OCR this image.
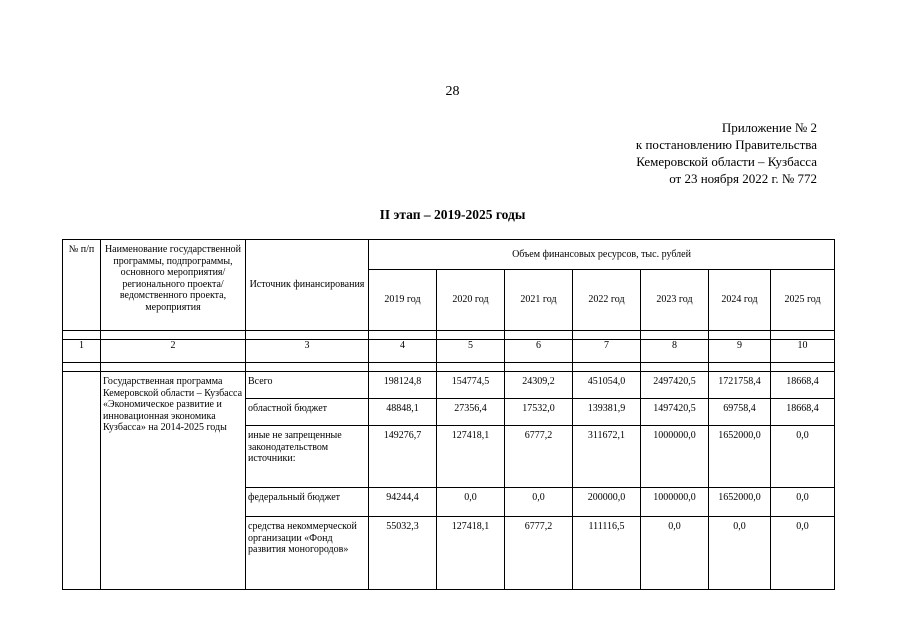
28
Приложение № 2
к постановлению Правительства
Кемеровской области – Кузбасса
от 23 ноября 2022 г. № 772
II этап – 2019-2025 годы
№ п/п	Наименование государственной программы, подпрограммы, основного мероприятия/регионального проекта/ведомственного проекта, мероприятия	Источник финансирования	Объем финансовых ресурсов, тыс. рублей						
			2019 год	2020 год	2021 год	2022 год	2023 год	2024 год	2025 год

1	2	3	4	5	6	7	8	9	10

	Государственная программа Кемеровской области – Кузбасса «Экономическое развитие и инновационная экономика Кузбасса» на 2014-2025 годы	Всего	198124,8	154774,5	24309,2	451054,0	2497420,5	1721758,4	18668,4
		областной бюджет	48848,1	27356,4	17532,0	139381,9	1497420,5	69758,4	18668,4
		иные не запрещенные законодательством источники:	149276,7	127418,1	6777,2	311672,1	1000000,0	1652000,0	0,0
		федеральный бюджет	94244,4	0,0	0,0	200000,0	1000000,0	1652000,0	0,0
		средства некоммерческой организации «Фонд развития моногородов»	55032,3	127418,1	6777,2	111116,5	0,0	0,0	0,0
